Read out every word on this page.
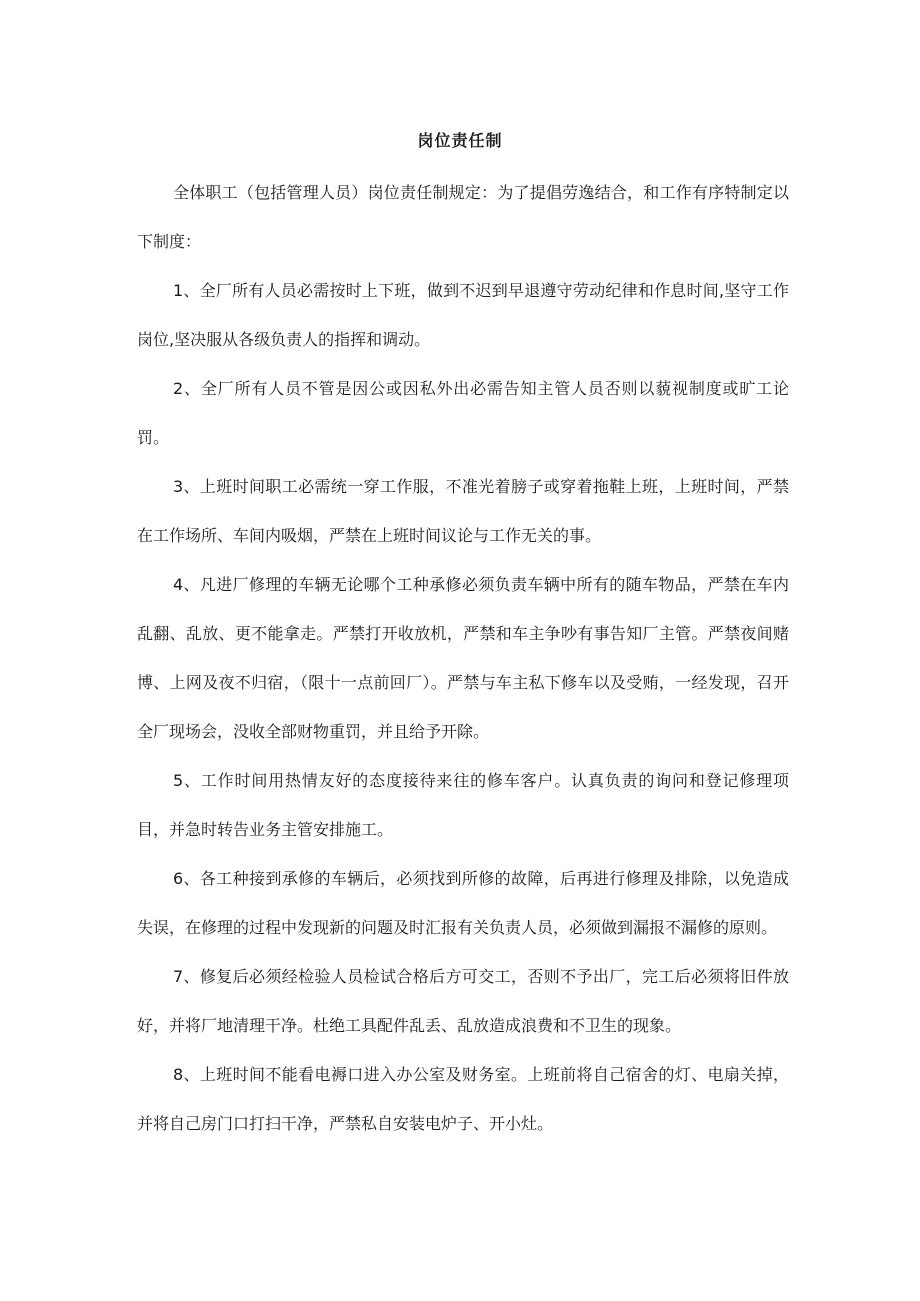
岗位责任制

全体职工（包括管理人员）岗位责任制规定：为了提倡劳逸结合，和工作有序特制定以下制度：

1、全厂所有人员必需按时上下班，做到不迟到早退遵守劳动纪律和作息时间,坚守工作岗位,坚决服从各级负责人的指挥和调动。

2、全厂所有人员不管是因公或因私外出必需告知主管人员否则以藐视制度或旷工论罚。

3、上班时间职工必需统一穿工作服，不准光着膀子或穿着拖鞋上班，上班时间，严禁在工作场所、车间内吸烟，严禁在上班时间议论与工作无关的事。

4、凡进厂修理的车辆无论哪个工种承修必须负责车辆中所有的随车物品，严禁在车内乱翻、乱放、更不能拿走。严禁打开收放机，严禁和车主争吵有事告知厂主管。严禁夜间赌博、上网及夜不归宿，（限十一点前回厂）。严禁与车主私下修车以及受贿，一经发现，召开全厂现场会，没收全部财物重罚，并且给予开除。

5、工作时间用热情友好的态度接待来往的修车客户。认真负责的询问和登记修理项目，并急时转告业务主管安排施工。

6、各工种接到承修的车辆后，必须找到所修的故障，后再进行修理及排除，以免造成失误，在修理的过程中发现新的问题及时汇报有关负责人员，必须做到漏报不漏修的原则。

7、修复后必须经检验人员检试合格后方可交工，否则不予出厂，完工后必须将旧件放好，并将厂地清理干净。杜绝工具配件乱丢、乱放造成浪费和不卫生的现象。

8、上班时间不能看电褥口进入办公室及财务室。上班前将自己宿舍的灯、电扇关掉，并将自己房门口打扫干净，严禁私自安装电炉子、开小灶。
